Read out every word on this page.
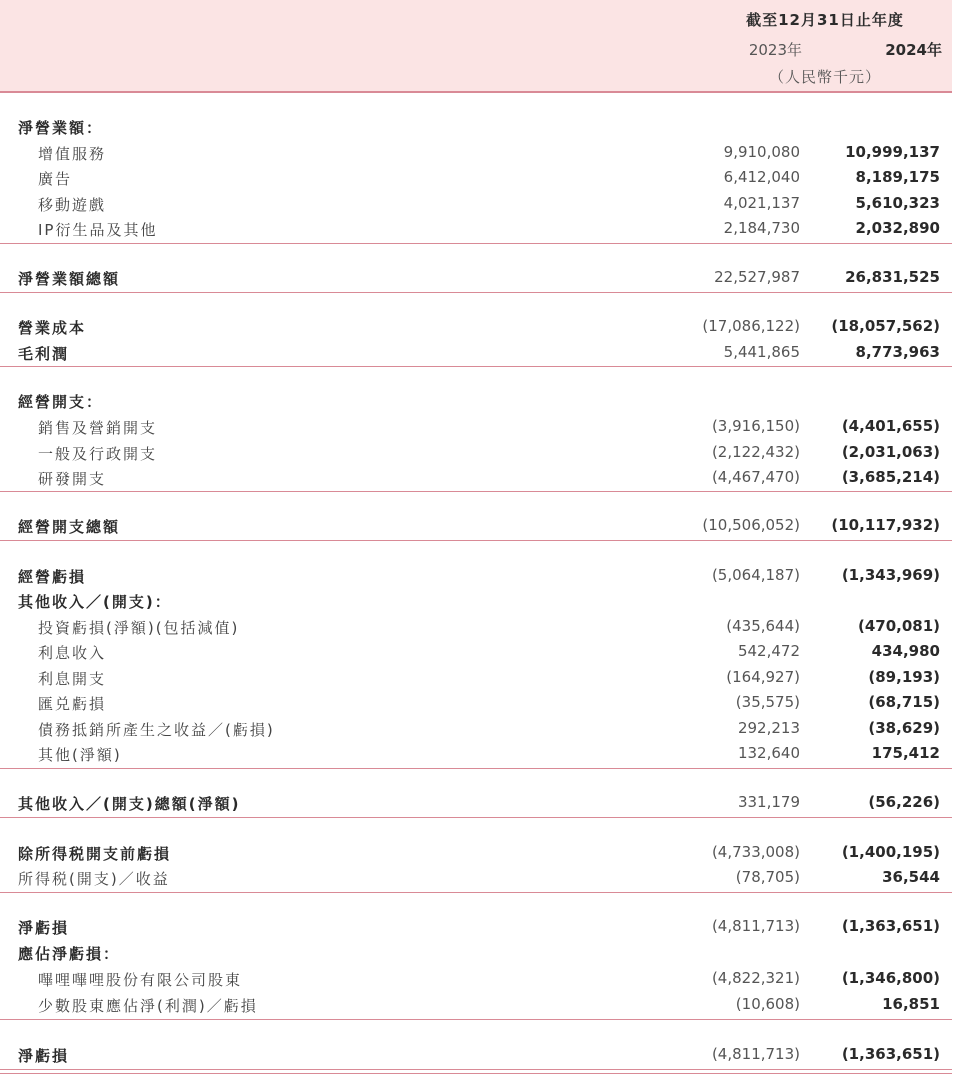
截至12月31日止年度
2023年	2024年
（人民幣千元）
淨營業額：
增值服務	9,910,080	10,999,137
廣告	6,412,040	8,189,175
移動遊戲	4,021,137	5,610,323
IP衍生品及其他	2,184,730	2,032,890
淨營業額總額	22,527,987	26,831,525
營業成本	(17,086,122) (18,057,562)
毛利潤	5,441,865	8,773,963
經營開支：
銷售及營銷開支	(3,916,150)	(4,401,655)
一般及行政開支	(2,122,432)	(2,031,063)
研發開支	(4,467,470)	(3,685,214)
經營開支總額	(10,506,052) (10,117,932)
經營虧損	(5,064,187)	(1,343,969)
其他收入／(開支)：
投資虧損(淨額)(包括減值)	(435,644)	(470,081)
利息收入	542,472	434,980
利息開支	(164,927)	(89,193)
匯兑虧損	(35,575)	(68,715)
債務抵銷所產生之收益／(虧損)	292,213	(38,629)
其他(淨額)	132,640	175,412
其他收入／(開支)總額(淨額)	331,179	(56,226)
除所得税開支前虧損	(4,733,008)	(1,400,195)
所得税(開支)／收益	(78,705)	36,544
淨虧損	(4,811,713)	(1,363,651)
應佔淨虧損：
嗶哩嗶哩股份有限公司股東	(4,822,321)	(1,346,800)
少數股東應佔淨(利潤)／虧損	(10,608)	16,851
淨虧損	(4,811,713)	(1,363,651)
